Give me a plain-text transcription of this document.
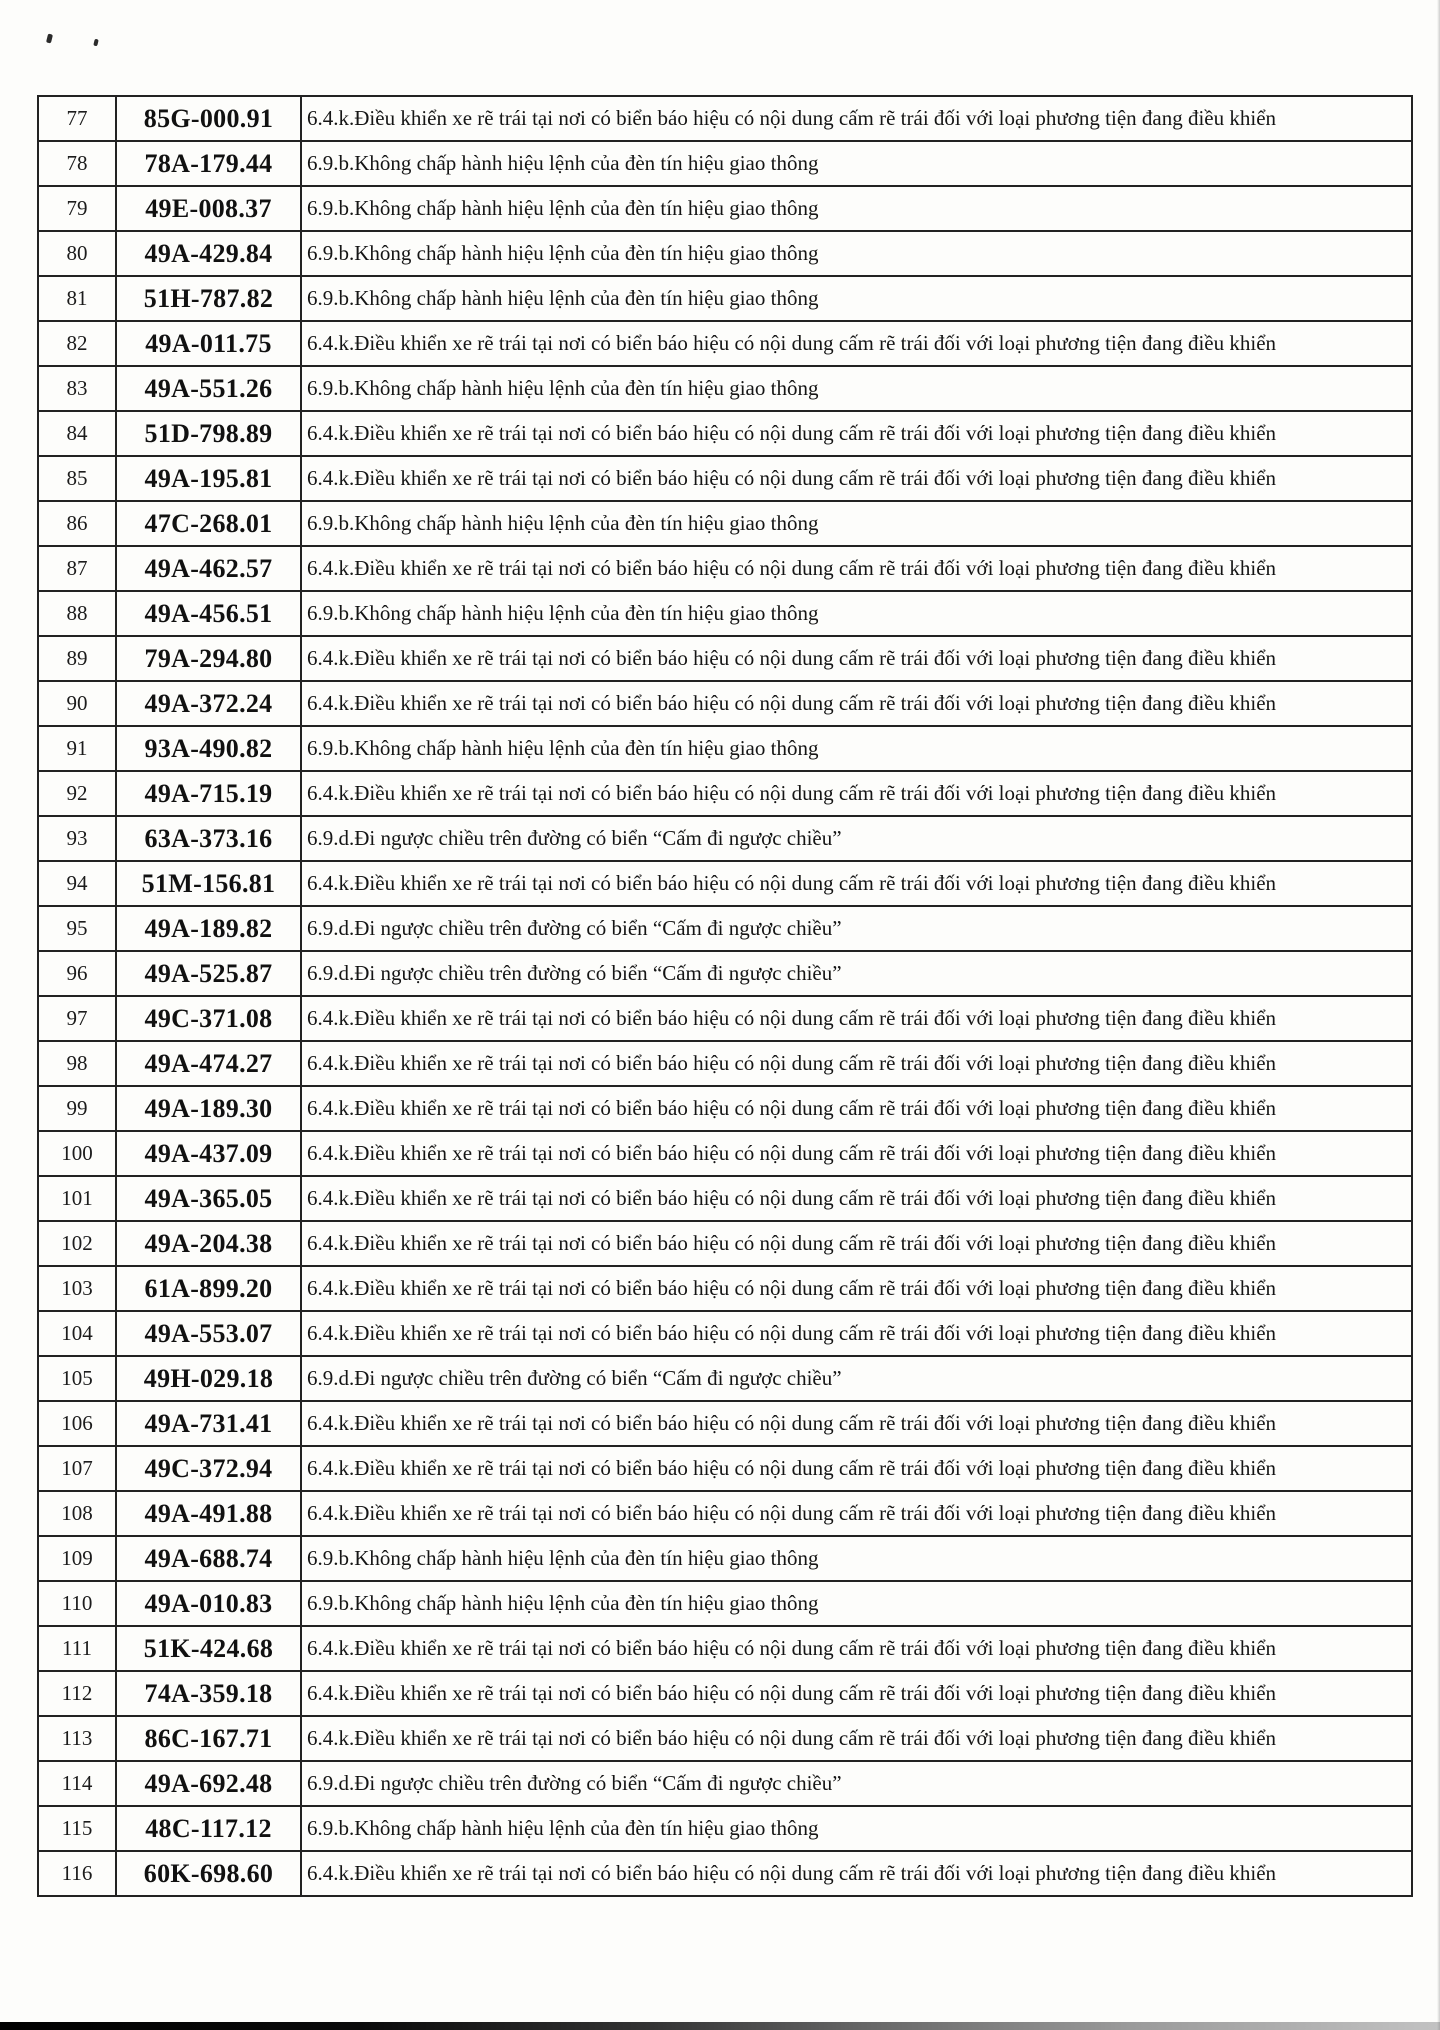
77	85G-000.91	6.4.k.Điều khiển xe rẽ trái tại nơi có biển báo hiệu có nội dung cấm rẽ trái đối với loại phương tiện đang điều khiển
78	78A-179.44	6.9.b.Không chấp hành hiệu lệnh của đèn tín hiệu giao thông
79	49E-008.37	6.9.b.Không chấp hành hiệu lệnh của đèn tín hiệu giao thông
80	49A-429.84	6.9.b.Không chấp hành hiệu lệnh của đèn tín hiệu giao thông
81	51H-787.82	6.9.b.Không chấp hành hiệu lệnh của đèn tín hiệu giao thông
82	49A-011.75	6.4.k.Điều khiển xe rẽ trái tại nơi có biển báo hiệu có nội dung cấm rẽ trái đối với loại phương tiện đang điều khiển
83	49A-551.26	6.9.b.Không chấp hành hiệu lệnh của đèn tín hiệu giao thông
84	51D-798.89	6.4.k.Điều khiển xe rẽ trái tại nơi có biển báo hiệu có nội dung cấm rẽ trái đối với loại phương tiện đang điều khiển
85	49A-195.81	6.4.k.Điều khiển xe rẽ trái tại nơi có biển báo hiệu có nội dung cấm rẽ trái đối với loại phương tiện đang điều khiển
86	47C-268.01	6.9.b.Không chấp hành hiệu lệnh của đèn tín hiệu giao thông
87	49A-462.57	6.4.k.Điều khiển xe rẽ trái tại nơi có biển báo hiệu có nội dung cấm rẽ trái đối với loại phương tiện đang điều khiển
88	49A-456.51	6.9.b.Không chấp hành hiệu lệnh của đèn tín hiệu giao thông
89	79A-294.80	6.4.k.Điều khiển xe rẽ trái tại nơi có biển báo hiệu có nội dung cấm rẽ trái đối với loại phương tiện đang điều khiển
90	49A-372.24	6.4.k.Điều khiển xe rẽ trái tại nơi có biển báo hiệu có nội dung cấm rẽ trái đối với loại phương tiện đang điều khiển
91	93A-490.82	6.9.b.Không chấp hành hiệu lệnh của đèn tín hiệu giao thông
92	49A-715.19	6.4.k.Điều khiển xe rẽ trái tại nơi có biển báo hiệu có nội dung cấm rẽ trái đối với loại phương tiện đang điều khiển
93	63A-373.16	6.9.d.Đi ngược chiều trên đường có biển “Cấm đi ngược chiều”
94	51M-156.81	6.4.k.Điều khiển xe rẽ trái tại nơi có biển báo hiệu có nội dung cấm rẽ trái đối với loại phương tiện đang điều khiển
95	49A-189.82	6.9.d.Đi ngược chiều trên đường có biển “Cấm đi ngược chiều”
96	49A-525.87	6.9.d.Đi ngược chiều trên đường có biển “Cấm đi ngược chiều”
97	49C-371.08	6.4.k.Điều khiển xe rẽ trái tại nơi có biển báo hiệu có nội dung cấm rẽ trái đối với loại phương tiện đang điều khiển
98	49A-474.27	6.4.k.Điều khiển xe rẽ trái tại nơi có biển báo hiệu có nội dung cấm rẽ trái đối với loại phương tiện đang điều khiển
99	49A-189.30	6.4.k.Điều khiển xe rẽ trái tại nơi có biển báo hiệu có nội dung cấm rẽ trái đối với loại phương tiện đang điều khiển
100	49A-437.09	6.4.k.Điều khiển xe rẽ trái tại nơi có biển báo hiệu có nội dung cấm rẽ trái đối với loại phương tiện đang điều khiển
101	49A-365.05	6.4.k.Điều khiển xe rẽ trái tại nơi có biển báo hiệu có nội dung cấm rẽ trái đối với loại phương tiện đang điều khiển
102	49A-204.38	6.4.k.Điều khiển xe rẽ trái tại nơi có biển báo hiệu có nội dung cấm rẽ trái đối với loại phương tiện đang điều khiển
103	61A-899.20	6.4.k.Điều khiển xe rẽ trái tại nơi có biển báo hiệu có nội dung cấm rẽ trái đối với loại phương tiện đang điều khiển
104	49A-553.07	6.4.k.Điều khiển xe rẽ trái tại nơi có biển báo hiệu có nội dung cấm rẽ trái đối với loại phương tiện đang điều khiển
105	49H-029.18	6.9.d.Đi ngược chiều trên đường có biển “Cấm đi ngược chiều”
106	49A-731.41	6.4.k.Điều khiển xe rẽ trái tại nơi có biển báo hiệu có nội dung cấm rẽ trái đối với loại phương tiện đang điều khiển
107	49C-372.94	6.4.k.Điều khiển xe rẽ trái tại nơi có biển báo hiệu có nội dung cấm rẽ trái đối với loại phương tiện đang điều khiển
108	49A-491.88	6.4.k.Điều khiển xe rẽ trái tại nơi có biển báo hiệu có nội dung cấm rẽ trái đối với loại phương tiện đang điều khiển
109	49A-688.74	6.9.b.Không chấp hành hiệu lệnh của đèn tín hiệu giao thông
110	49A-010.83	6.9.b.Không chấp hành hiệu lệnh của đèn tín hiệu giao thông
111	51K-424.68	6.4.k.Điều khiển xe rẽ trái tại nơi có biển báo hiệu có nội dung cấm rẽ trái đối với loại phương tiện đang điều khiển
112	74A-359.18	6.4.k.Điều khiển xe rẽ trái tại nơi có biển báo hiệu có nội dung cấm rẽ trái đối với loại phương tiện đang điều khiển
113	86C-167.71	6.4.k.Điều khiển xe rẽ trái tại nơi có biển báo hiệu có nội dung cấm rẽ trái đối với loại phương tiện đang điều khiển
114	49A-692.48	6.9.d.Đi ngược chiều trên đường có biển “Cấm đi ngược chiều”
115	48C-117.12	6.9.b.Không chấp hành hiệu lệnh của đèn tín hiệu giao thông
116	60K-698.60	6.4.k.Điều khiển xe rẽ trái tại nơi có biển báo hiệu có nội dung cấm rẽ trái đối với loại phương tiện đang điều khiển
